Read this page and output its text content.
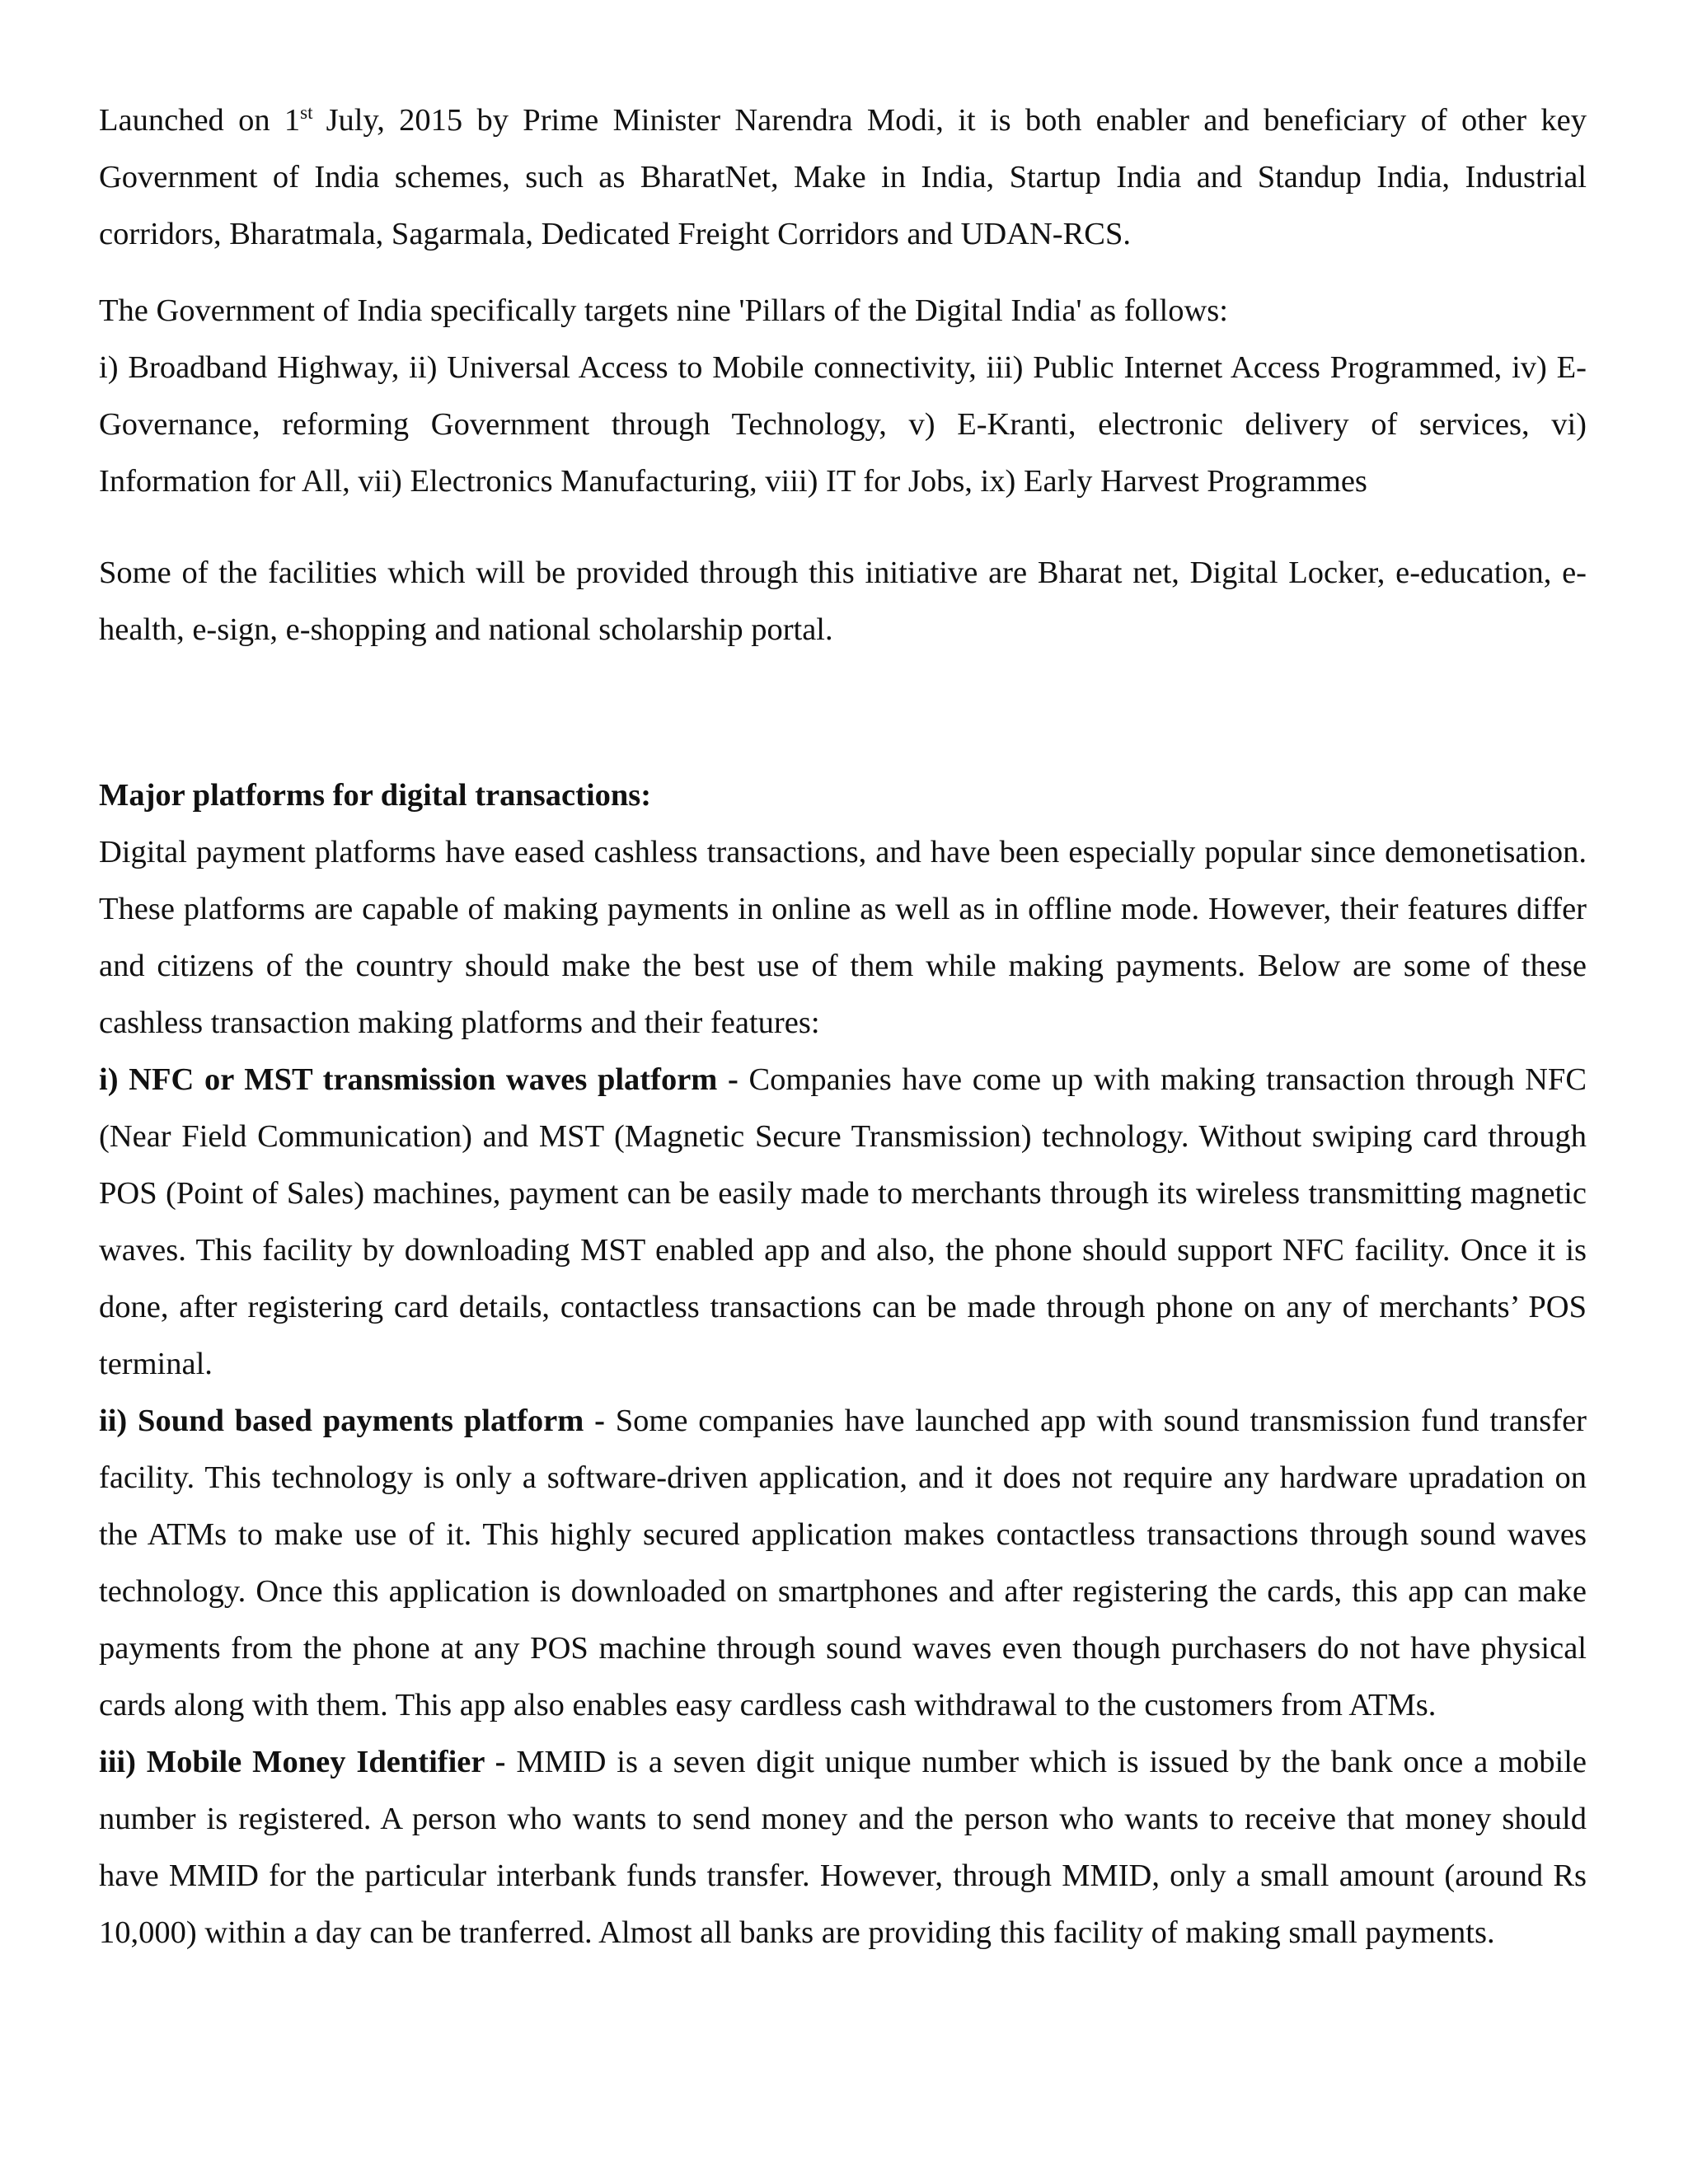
Launched on 1st July, 2015 by Prime Minister Narendra Modi, it is both enabler and beneficiary of other key Government of India schemes, such as BharatNet, Make in India, Startup India and Standup India, Industrial corridors, Bharatmala, Sagarmala, Dedicated Freight Corridors and UDAN-RCS.

The Government of India specifically targets nine 'Pillars of the Digital India' as follows:

i) Broadband Highway, ii) Universal Access to Mobile connectivity, iii) Public Internet Access Programmed, iv) E-Governance, reforming Government through Technology, v) E-Kranti, electronic delivery of services, vi) Information for All, vii) Electronics Manufacturing, viii) IT for Jobs, ix) Early Harvest Programmes

Some of the facilities which will be provided through this initiative are Bharat net, Digital Locker, e-education, e-health, e-sign, e-shopping and national scholarship portal.

Major platforms for digital transactions:

Digital payment platforms have eased cashless transactions, and have been especially popular since demonetisation. These platforms are capable of making payments in online as well as in offline mode. However, their features differ and citizens of the country should make the best use of them while making payments. Below are some of these cashless transaction making platforms and their features:

i) NFC or MST transmission waves platform - Companies have come up with making transaction through NFC (Near Field Communication) and MST (Magnetic Secure Transmission) technology. Without swiping card through POS (Point of Sales) machines, payment can be easily made to merchants through its wireless transmitting magnetic waves. This facility by downloading MST enabled app and also, the phone should support NFC facility. Once it is done, after registering card details, contactless transactions can be made through phone on any of merchants’ POS terminal.

ii) Sound based payments platform - Some companies have launched app with sound transmission fund transfer facility. This technology is only a software-driven application, and it does not require any hardware upradation on the ATMs to make use of it. This highly secured application makes contactless transactions through sound waves technology. Once this application is downloaded on smartphones and after registering the cards, this app can make payments from the phone at any POS machine through sound waves even though purchasers do not have physical cards along with them. This app also enables easy cardless cash withdrawal to the customers from ATMs.

iii) Mobile Money Identifier - MMID is a seven digit unique number which is issued by the bank once a mobile number is registered. A person who wants to send money and the person who wants to receive that money should have MMID for the particular interbank funds transfer. However, through MMID, only a small amount (around Rs 10,000) within a day can be tranferred. Almost all banks are providing this facility of making small payments.
